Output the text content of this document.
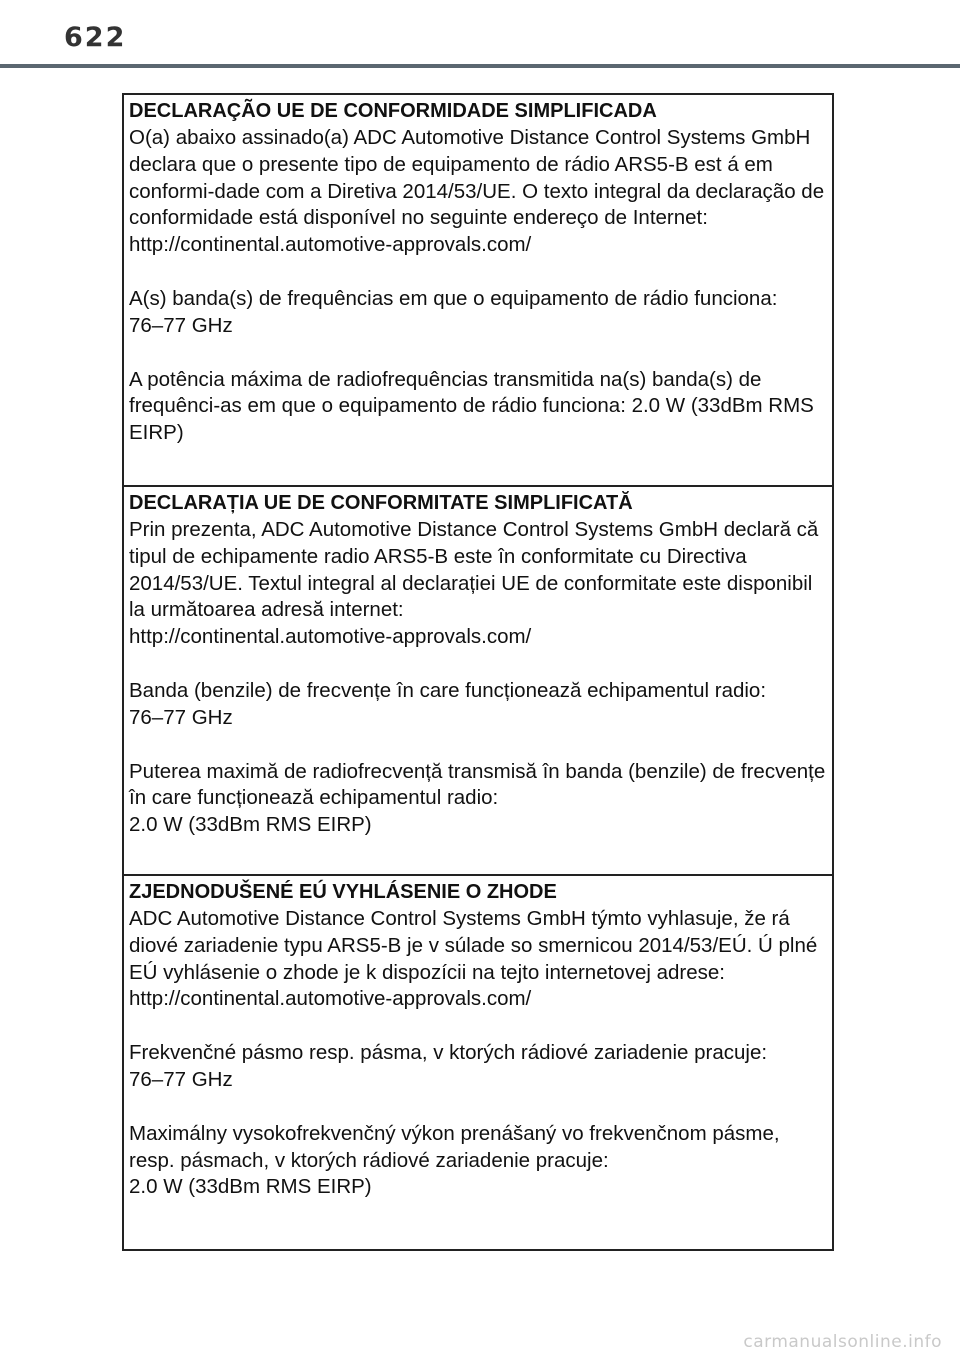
622
DECLARAÇÃO UE DE CONFORMIDADE SIMPLIFICADA

O(a) abaixo assinado(a) ADC Automotive Distance Control Systems GmbH declara que o presente tipo de equipamento de rádio ARS5-B est á em conformi-dade com a Diretiva 2014/53/UE. O texto integral da declaração de conformidade está disponível no seguinte endereço de Internet:

http://continental.automotive-approvals.com/

A(s) banda(s) de frequências em que o equipamento de rádio funciona:

76–77 GHz

A potência máxima de radiofrequências transmitida na(s) banda(s) de frequênci-as em que o equipamento de rádio funciona: 2.0 W (33dBm RMS EIRP)

DECLARAȚIA UE DE CONFORMITATE SIMPLIFICATĂ

Prin prezenta, ADC Automotive Distance Control Systems GmbH declară că tipul de echipamente radio ARS5-B este în conformitate cu Directiva 2014/53/UE. Textul integral al declarației UE de conformitate este disponibil la următoarea adresă internet:

http://continental.automotive-approvals.com/

Banda (benzile) de frecvențe în care funcționează echipamentul radio:

76–77 GHz

Puterea maximă de radiofrecvență transmisă în banda (benzile) de frecvențe în care funcționează echipamentul radio:

2.0 W (33dBm RMS EIRP)

ZJEDNODUŠENÉ EÚ VYHLÁSENIE O ZHODE

ADC Automotive Distance Control Systems GmbH týmto vyhlasuje, že rá diové zariadenie typu ARS5-B je v súlade so smernicou 2014/53/EÚ. Ú plné EÚ vyhlásenie o zhode je k dispozícii na tejto internetovej adrese:

http://continental.automotive-approvals.com/

Frekvenčné pásmo resp. pásma, v ktorých rádiové zariadenie pracuje:

76–77 GHz

Maximálny vysokofrekvenčný výkon prenášaný vo frekvenčnom pásme, resp. pásmach, v ktorých rádiové zariadenie pracuje:

2.0 W (33dBm RMS EIRP)

carmanualsonline.info
